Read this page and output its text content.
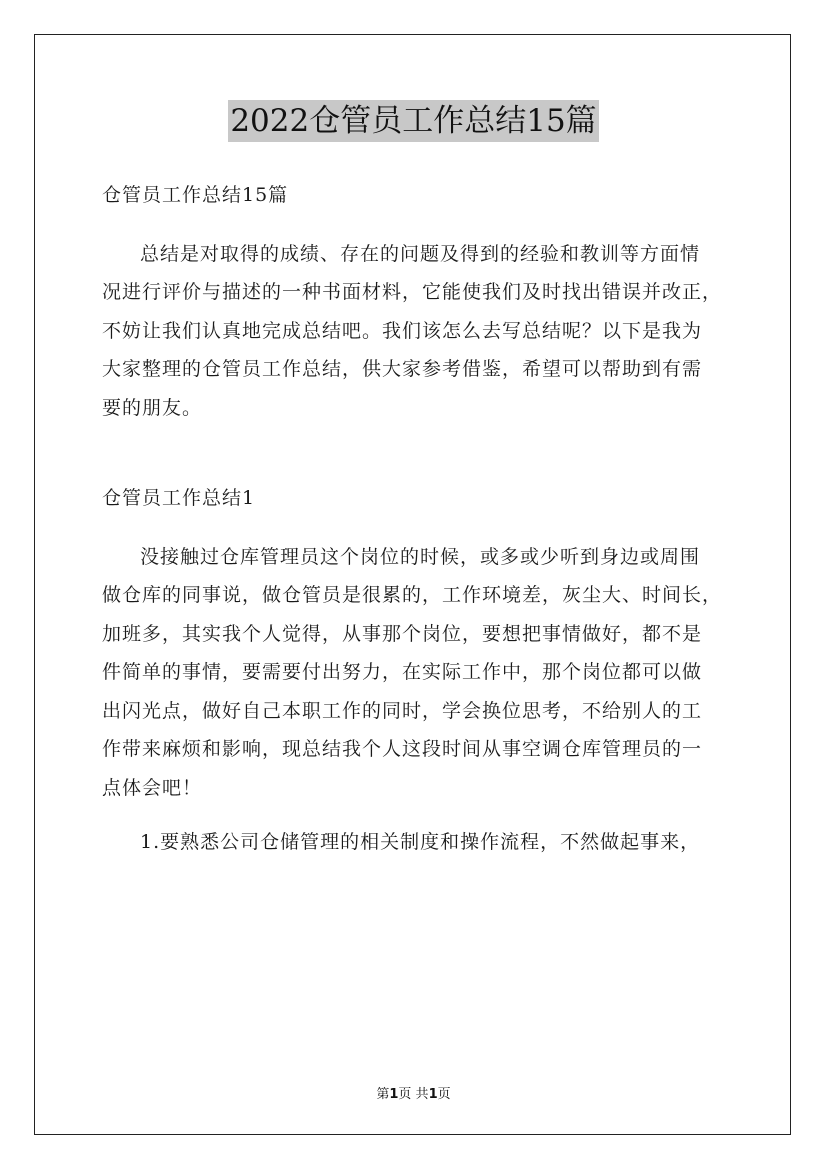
2022仓管员工作总结15篇
仓管员工作总结15篇
总结是对取得的成绩、存在的问题及得到的经验和教训等方面情
况进行评价与描述的一种书面材料，它能使我们及时找出错误并改正，
不妨让我们认真地完成总结吧。我们该怎么去写总结呢？以下是我为
大家整理的仓管员工作总结，供大家参考借鉴，希望可以帮助到有需
要的朋友。
仓管员工作总结1
没接触过仓库管理员这个岗位的时候，或多或少听到身边或周围
做仓库的同事说，做仓管员是很累的，工作环境差，灰尘大、时间长，
加班多，其实我个人觉得，从事那个岗位，要想把事情做好，都不是
件简单的事情，要需要付出努力，在实际工作中，那个岗位都可以做
出闪光点，做好自己本职工作的同时，学会换位思考，不给别人的工
作带来麻烦和影响，现总结我个人这段时间从事空调仓库管理员的一
点体会吧！
1.要熟悉公司仓储管理的相关制度和操作流程，不然做起事来，
第1页 共1页
